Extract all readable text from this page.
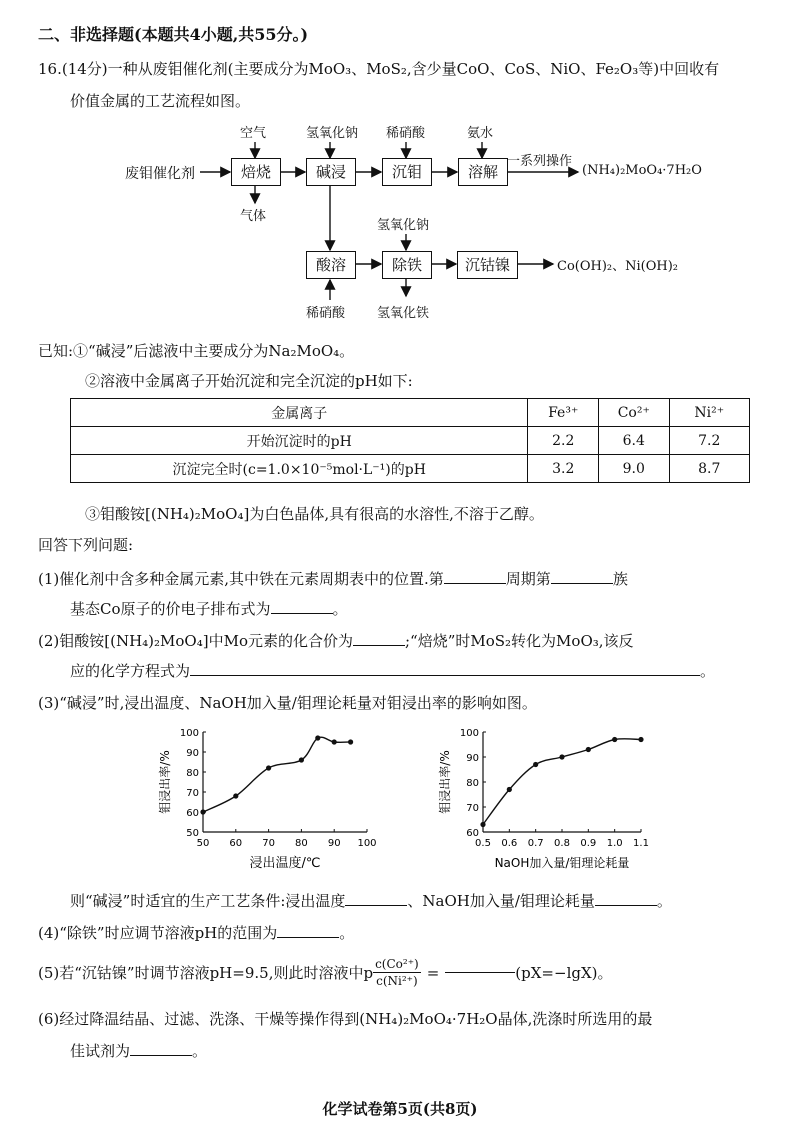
二、非选择题(本题共4小题,共55分。)
16.(14分)一种从废钼催化剂(主要成分为MoO₃、MoS₂,含少量CoO、CoS、NiO、Fe₂O₃等)中回收有
价值金属的工艺流程如图。
废钼催化剂	焙烧	碱浸	沉钼	溶解
酸溶	除铁	沉钴镍
空气	氢氧化钠 稀硝酸	氨水
气体
一系列操作
(NH₄)₂MoO₄·7H₂O
氢氧化钠
Co(OH)₂、Ni(OH)₂
稀硝酸 氢氧化铁
已知:①“碱浸”后滤液中主要成分为Na₂MoO₄。
②溶液中金属离子开始沉淀和完全沉淀的pH如下:
金属离子	Fe³⁺	Co²⁺	Ni²⁺
开始沉淀时的pH	2.2	6.4	7.2
沉淀完全时(c=1.0×10⁻⁵mol·L⁻¹)的pH	3.2	9.0	8.7
③钼酸铵[(NH₄)₂MoO₄]为白色晶体,具有很高的水溶性,不溶于乙醇。
回答下列问题:
(1)催化剂中含多种金属元素,其中铁在元素周期表中的位置.第	周期第	族
基态Co原子的价电子排布式为	。
(2)钼酸铵[(NH₄)₂MoO₄]中Mo元素的化合价为	;“焙烧”时MoS₂转化为MoO₃,该反
应的化学方程式为	。
(3)“碱浸”时,浸出温度、NaOH加入量/钼理论耗量对钼浸出率的影响如图。
钼浸出率/%
浸出温度/℃
50 60 70 80 90 100
50
60
70
80
90
100
钼浸出率/%
NaOH加入量/钼理论耗量
0.5 0.6 0.7 0.8 0.9 1.0 1.1
60
70
80
90
100
则“碱浸”时适宜的生产工艺条件:浸出温度	、NaOH加入量/钼理论耗量	。
(4)“除铁”时应调节溶液pH的范围为	。
(5)若“沉钴镍”时调节溶液pH=9.5,则此时溶液中p $\frac{\text{c(Co²⁺)}}{\text{c(Ni²⁺)}}$ =	(pX=−lgX)。
(6)经过降温结晶、过滤、洗涤、干燥等操作得到(NH₄)₂MoO₄·7H₂O晶体,洗涤时所选用的最
佳试剂为	。
化学试卷第5页(共8页)
